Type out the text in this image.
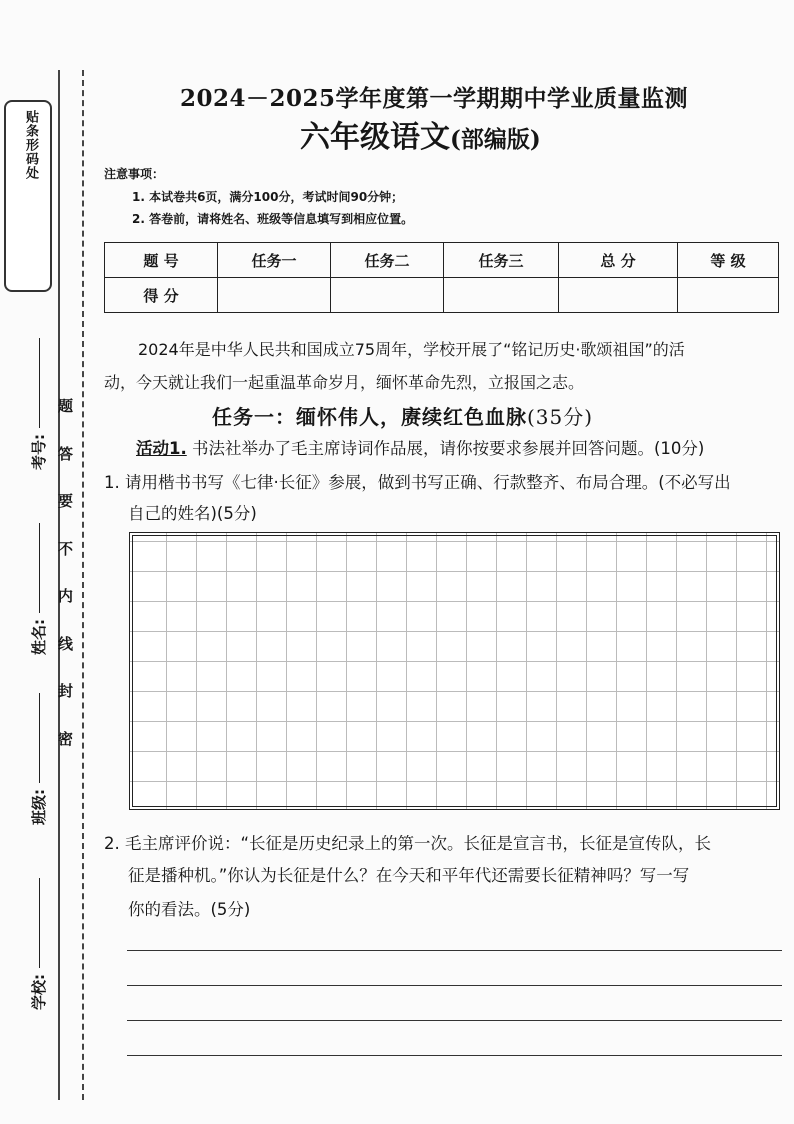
贴条形码处
考号:
姓名:
班级:
学校:
题
答
要
不
内
线
封
密
2024－2025学年度第一学期期中学业质量监测
六年级语文(部编版)
注意事项：
1. 本试卷共6页，满分100分，考试时间90分钟；
2. 答卷前，请将姓名、班级等信息填写到相应位置。
题 号	任务一	任务二	任务三	总 分	等 级
得 分					
2024年是中华人民共和国成立75周年，学校开展了“铭记历史·歌颂祖国”的活
动，今天就让我们一起重温革命岁月，缅怀革命先烈，立报国之志。
任务一：缅怀伟人，赓续红色血脉(35分)
活动1. 书法社举办了毛主席诗词作品展，请你按要求参展并回答问题。(10分)
1. 请用楷书书写《七律·长征》参展，做到书写正确、行款整齐、布局合理。(不必写出
自己的姓名)(5分)
2. 毛主席评价说：“长征是历史纪录上的第一次。长征是宣言书，长征是宣传队，长
征是播种机。”你认为长征是什么？在今天和平年代还需要长征精神吗？写一写
你的看法。(5分)
